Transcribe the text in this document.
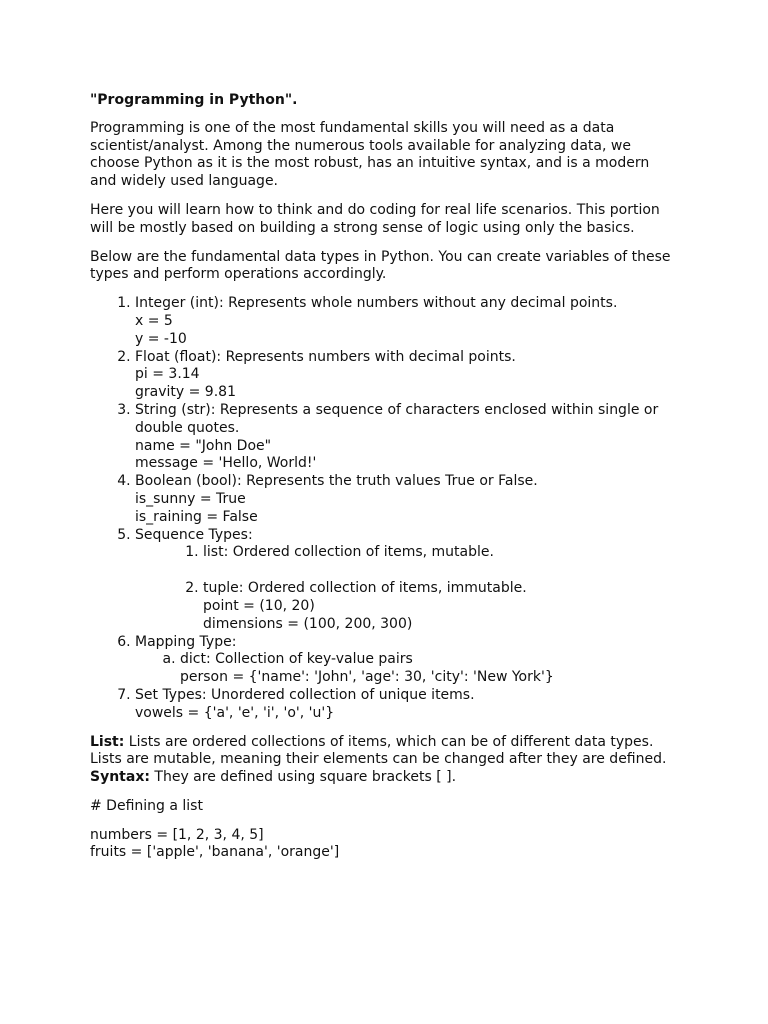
"Programming in Python".

Programming is one of the most fundamental skills you will need as a data scientist/analyst. Among the numerous tools available for analyzing data, we choose Python as it is the most robust, has an intuitive syntax, and is a modern and widely used language.

Here you will learn how to think and do coding for real life scenarios. This portion will be mostly based on building a strong sense of logic using only the basics.

Below are the fundamental data types in Python. You can create variables of these types and perform operations accordingly.

1. Integer (int): Represents whole numbers without any decimal points.
x = 5
y = -10
2. Float (float): Represents numbers with decimal points.
pi = 3.14
gravity = 9.81
3. String (str): Represents a sequence of characters enclosed within single or double quotes.
name = "John Doe"
message = 'Hello, World!'
4. Boolean (bool): Represents the truth values True or False.
is_sunny = True
is_raining = False
5. Sequence Types:
1. list: Ordered collection of items, mutable.
2. tuple: Ordered collection of items, immutable.
point = (10, 20)
dimensions = (100, 200, 300)
6. Mapping Type:
a. dict: Collection of key-value pairs
person = {'name': 'John', 'age': 30, 'city': 'New York'}
7. Set Types: Unordered collection of unique items.
vowels = {'a', 'e', 'i', 'o', 'u'}

List: Lists are ordered collections of items, which can be of different data types. Lists are mutable, meaning their elements can be changed after they are defined.
Syntax: They are defined using square brackets [ ].

# Defining a list

numbers = [1, 2, 3, 4, 5]
fruits = ['apple', 'banana', 'orange']
